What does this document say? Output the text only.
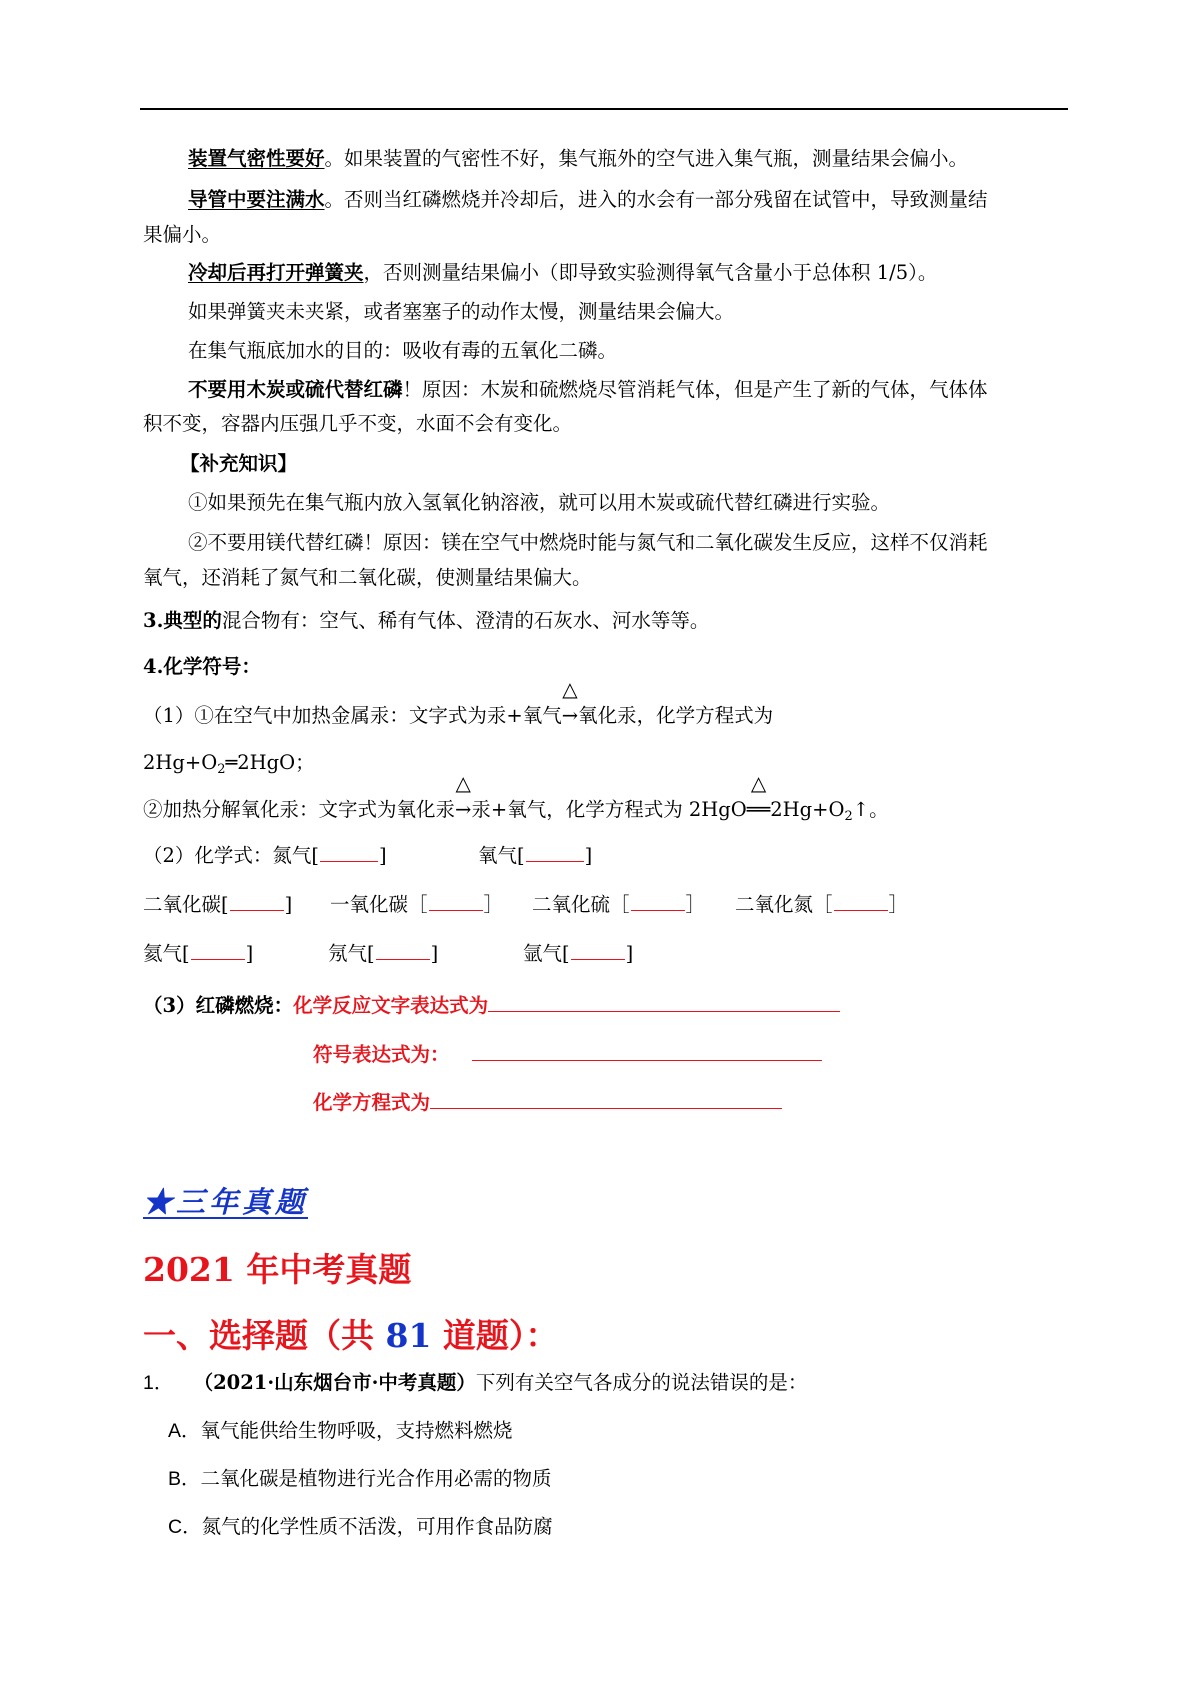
装置气密性要好。如果装置的气密性不好，集气瓶外的空气进入集气瓶，测量结果会偏小。
导管中要注满水。否则当红磷燃烧并冷却后，进入的水会有一部分残留在试管中，导致测量结
果偏小。
冷却后再打开弹簧夹，否则测量结果偏小（即导致实验测得氧气含量小于总体积 1/5）。
如果弹簧夹未夹紧，或者塞塞子的动作太慢，测量结果会偏大。
在集气瓶底加水的目的：吸收有毒的五氧化二磷。
不要用木炭或硫代替红磷！原因：木炭和硫燃烧尽管消耗气体，但是产生了新的气体，气体体
积不变，容器内压强几乎不变，水面不会有变化。
【补充知识】
①如果预先在集气瓶内放入氢氧化钠溶液，就可以用木炭或硫代替红磷进行实验。
②不要用镁代替红磷！原因：镁在空气中燃烧时能与氮气和二氧化碳发生反应，这样不仅消耗
氧气，还消耗了氮气和二氧化碳，使测量结果偏大。
3.典型的混合物有：空气、稀有气体、澄清的石灰水、河水等等。
4.化学符号：
（1）①在空气中加热金属汞：文字式为汞+氧气
△
→氧化汞，化学方程式为
$2Hg+O_2═2HgO$；
②加热分解氧化汞：文字式为氧化汞
△
→汞+氧气，化学方程式为 2HgO
△
$══2Hg+O_2↑$。
（2）化学式：氮气[	]	氧气[	]
二氧化碳[	] 一氧化碳［	］ 二氧化硫［	］ 二氧化氮［	］
氦气[	]	氖气[	]	氩气[	]
（3）红磷燃烧：化学反应文字表达式为
符号表达式为：
化学方程式为
★三年真题
2021 年中考真题
一、选择题（共 81 道题）：
1． （2021·山东烟台市·中考真题）下列有关空气各成分的说法错误的是：
A．氧气能供给生物呼吸，支持燃料燃烧
B．二氧化碳是植物进行光合作用必需的物质
C．氮气的化学性质不活泼，可用作食品防腐
